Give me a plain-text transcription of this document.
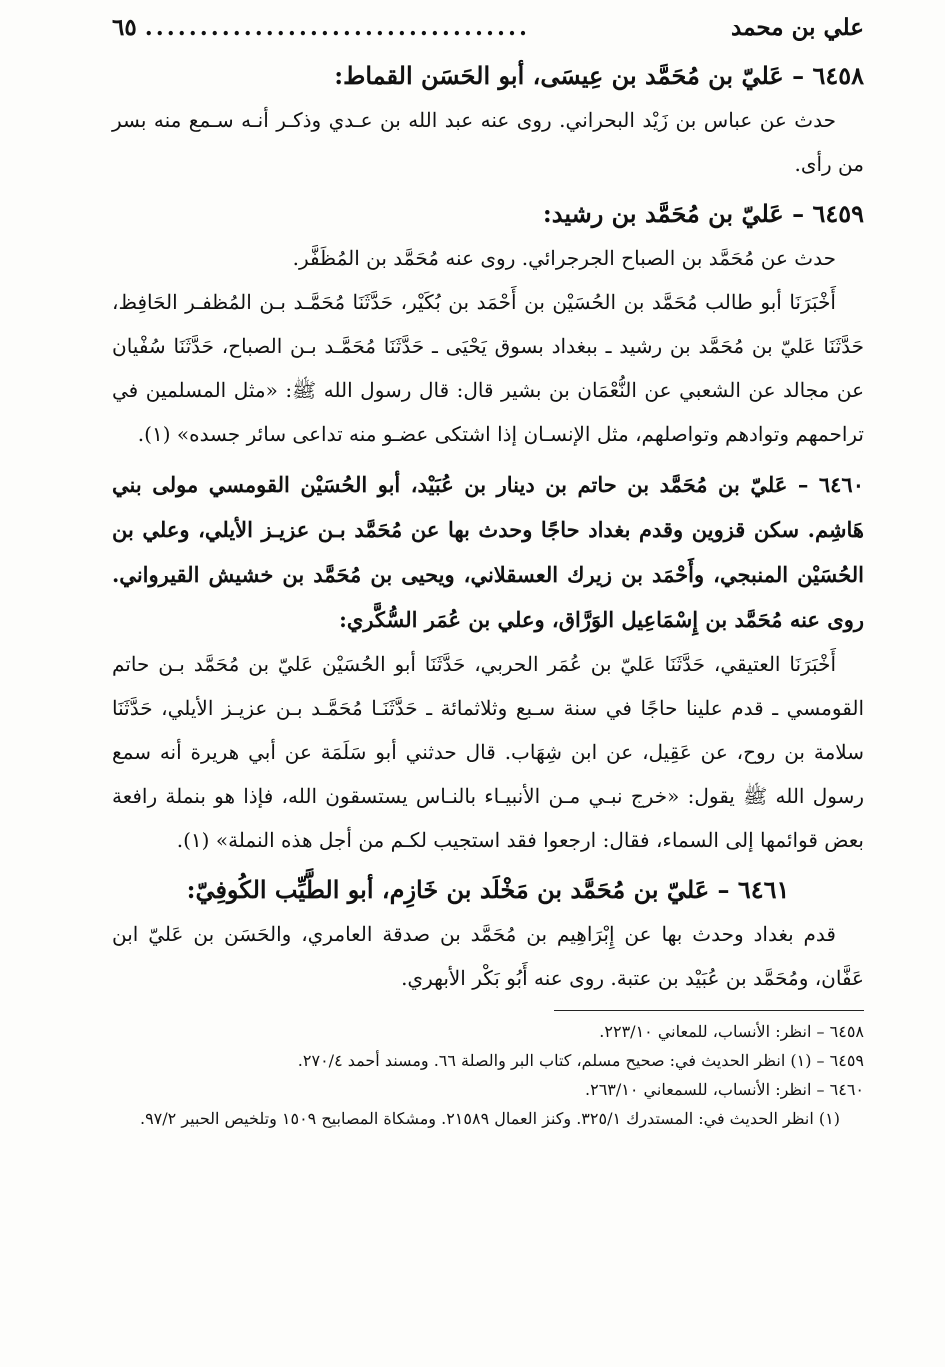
علي بن محمد
...................................
٦٥

٦٤٥٨ – عَليّ بن مُحَمَّد بن عِيسَى، أبو الحَسَن القماط:

حدث عن عباس بن زَيْد البحراني. روى عنه عبد الله بن عـدي وذكـر أنـه سـمع منه بسر من رأى.

٦٤٥٩ – عَليّ بن مُحَمَّد بن رشيد:

حدث عن مُحَمَّد بن الصباح الجرجرائي. روى عنه مُحَمَّد بن المُظَفَّر.

أَخْبَرَنَا أبو طالب مُحَمَّد بن الحُسَيْن بن أَحْمَد بن بُكَيْر، حَدَّثَنَا مُحَمَّـد بـن المُظفـر الحَافِظ، حَدَّثَنَا عَليّ بن مُحَمَّد بن رشيد ـ ببغداد بسوق يَحْيَى ـ حَدَّثَنَا مُحَمَّـد بـن الصباح، حَدَّثَنَا سُفْيان عن مجالد عن الشعبي عن النُّعْمَان بن بشير قال: قال رسول الله ﷺ: «مثل المسلمين في تراحمهم وتوادهم وتواصلهم، مثل الإنسـان إذا اشتكى عضـو منه تداعى سائر جسده» (١).

٦٤٦٠ – عَليّ بن مُحَمَّد بن حاتم بن دينار بن عُبَيْد، أبو الحُسَيْن القومسي مولى بني هَاشِم. سكن قزوين وقدم بغداد حاجًا وحدث بها عن مُحَمَّد بـن عزيـز الأيلي، وعلي بن الحُسَيْن المنبجي، وأَحْمَد بن زيرك العسقلاني، ويحيى بن مُحَمَّد بن خشيش القيرواني. روى عنه مُحَمَّد بن إِسْمَاعِيل الوَرَّاق، وعلي بن عُمَر السُّكَّري:

أَخْبَرَنَا العتيقي، حَدَّثَنَا عَليّ بن عُمَر الحربي، حَدَّثَنَا أبو الحُسَيْن عَليّ بن مُحَمَّد بـن حاتم القومسي ـ قدم علينا حاجًا في سنة سـبع وثلاثمائة ـ حَدَّثَنَـا مُحَمَّـد بـن عزيـز الأيلي، حَدَّثَنَا سلامة بن روح، عن عَقِيل، عن ابن شِهَاب. قال حدثني أبو سَلَمَة عن أبي هريرة أنه سمع رسول الله ﷺ يقول: «خرج نبـي مـن الأنبيـاء بالنـاس يستسقون الله، فإذا هو بنملة رافعة بعض قوائمها إلى السماء، فقال: ارجعوا فقد استجيب لكـم من أجل هذه النملة» (١).

٦٤٦١ – عَليّ بن مُحَمَّد بن مَخْلَد بن خَازِم، أبو الطَّيِّب الكُوفِيّ:

قدم بغداد وحدث بها عن إِبْرَاهِيم بن مُحَمَّد بن صدقة العامري، والحَسَن بن عَليّ ابن عَفَّان، ومُحَمَّد بن عُبَيْد بن عتبة. روى عنه أَبُو بَكْر الأبهري.

٦٤٥٨ – انظر: الأنساب، للمعاني ٢٢٣/١٠.

٦٤٥٩ – (١) انظر الحديث في: صحيح مسلم، كتاب البر والصلة ٦٦. ومسند أحمد ٢٧٠/٤.

٦٤٦٠ – انظر: الأنساب، للسمعاني ٢٦٣/١٠.

(١) انظر الحديث في: المستدرك ٣٢٥/١. وكنز العمال ٢١٥٨٩. ومشكاة المصابيح ١٥٠٩ وتلخيص الحبير ٩٧/٢.
